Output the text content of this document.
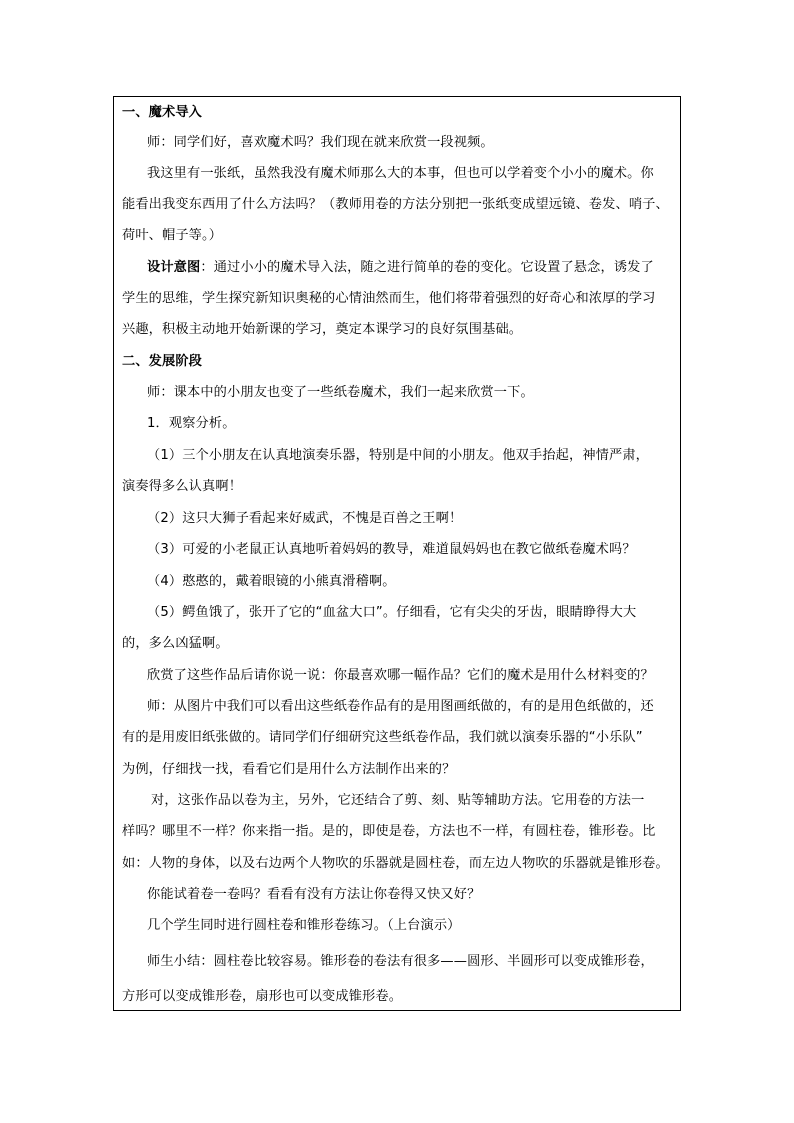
一、魔术导入
师：同学们好，喜欢魔术吗？我们现在就来欣赏一段视频。
我这里有一张纸，虽然我没有魔术师那么大的本事，但也可以学着变个小小的魔术。你
能看出我变东西用了什么方法吗？（教师用卷的方法分别把一张纸变成望远镜、卷发、哨子、
荷叶、帽子等。）
设计意图：通过小小的魔术导入法，随之进行简单的卷的变化。它设置了悬念，诱发了
学生的思维，学生探究新知识奥秘的心情油然而生，他们将带着强烈的好奇心和浓厚的学习
兴趣，积极主动地开始新课的学习，奠定本课学习的良好氛围基础。
二、发展阶段
师：课本中的小朋友也变了一些纸卷魔术，我们一起来欣赏一下。
1．观察分析。
（1）三个小朋友在认真地演奏乐器，特别是中间的小朋友。他双手抬起，神情严肃，
演奏得多么认真啊！
（2）这只大狮子看起来好威武，不愧是百兽之王啊！
（3）可爱的小老鼠正认真地听着妈妈的教导，难道鼠妈妈也在教它做纸卷魔术吗？
（4）憨憨的，戴着眼镜的小熊真滑稽啊。
（5）鳄鱼饿了，张开了它的“血盆大口”。仔细看，它有尖尖的牙齿，眼睛睁得大大
的，多么凶猛啊。
欣赏了这些作品后请你说一说：你最喜欢哪一幅作品？它们的魔术是用什么材料变的？
师：从图片中我们可以看出这些纸卷作品有的是用图画纸做的，有的是用色纸做的，还
有的是用废旧纸张做的。请同学们仔细研究这些纸卷作品，我们就以演奏乐器的“小乐队”
为例，仔细找一找，看看它们是用什么方法制作出来的？
对，这张作品以卷为主，另外，它还结合了剪、刻、贴等辅助方法。它用卷的方法一
样吗？哪里不一样？你来指一指。是的，即使是卷，方法也不一样，有圆柱卷，锥形卷。比
如：人物的身体，以及右边两个人物吹的乐器就是圆柱卷，而左边人物吹的乐器就是锥形卷。
你能试着卷一卷吗？看看有没有方法让你卷得又快又好？
几个学生同时进行圆柱卷和锥形卷练习。（上台演示）
师生小结：圆柱卷比较容易。锥形卷的卷法有很多——圆形、半圆形可以变成锥形卷，
方形可以变成锥形卷，扇形也可以变成锥形卷。
